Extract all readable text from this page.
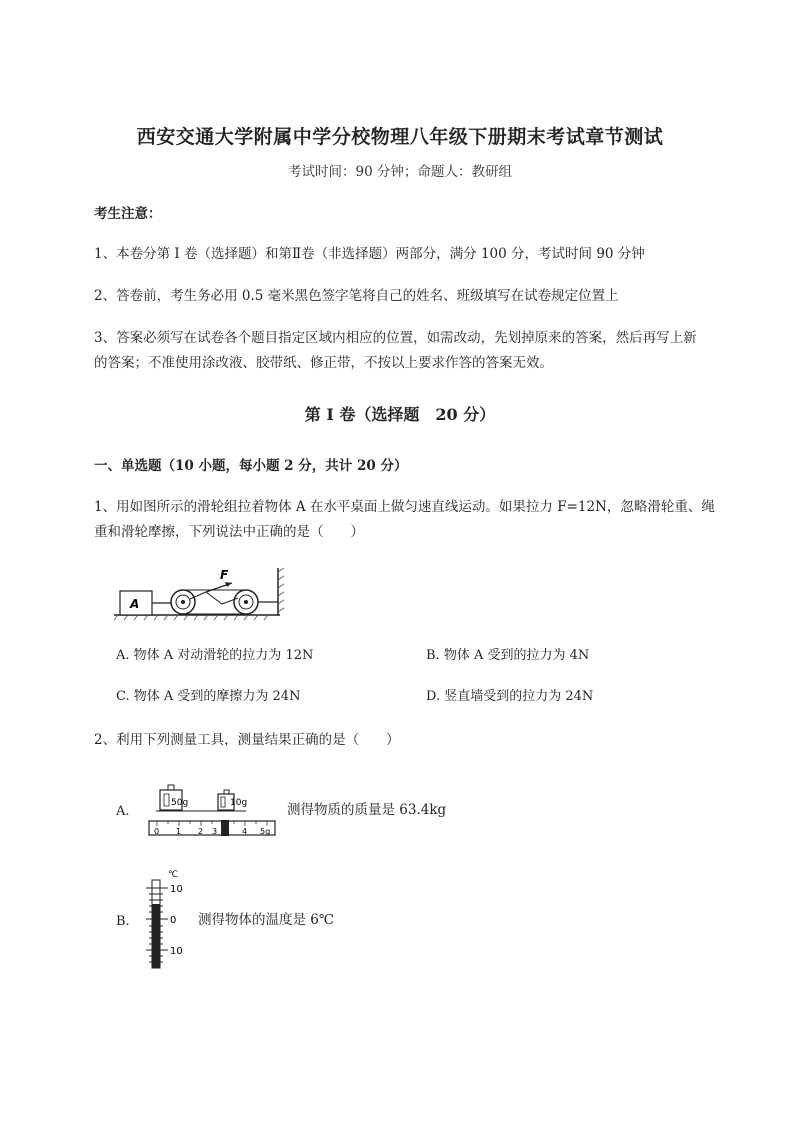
西安交通大学附属中学分校物理八年级下册期末考试章节测试
考试时间：90 分钟；命题人：教研组
考生注意：
1、本卷分第 I 卷（选择题）和第Ⅱ卷（非选择题）两部分，满分 100 分，考试时间 90 分钟
2、答卷前，考生务必用 0.5 毫米黑色签字笔将自己的姓名、班级填写在试卷规定位置上
3、答案必须写在试卷各个题目指定区域内相应的位置，如需改动，先划掉原来的答案，然后再写上新
的答案；不准使用涂改液、胶带纸、修正带，不按以上要求作答的答案无效。
第 I 卷（选择题　20 分）
一、单选题（10 小题，每小题 2 分，共计 20 分）
1、用如图所示的滑轮组拉着物体 A 在水平桌面上做匀速直线运动。如果拉力 F=12N，忽略滑轮重、绳
重和滑轮摩擦，下列说法中正确的是（　　）
A
F
A. 物体 A 对动滑轮的拉力为 12N	B. 物体 A 受到的拉力为 4N
C. 物体 A 受到的摩擦力为 24N	D. 竖直墙受到的拉力为 24N
2、利用下列测量工具，测量结果正确的是（　　）
A.
50g	10g
0 1 2 3	4 5g
测得物质的质量是 63.4kg
B.
℃
10
0
10
测得物体的温度是 6℃
